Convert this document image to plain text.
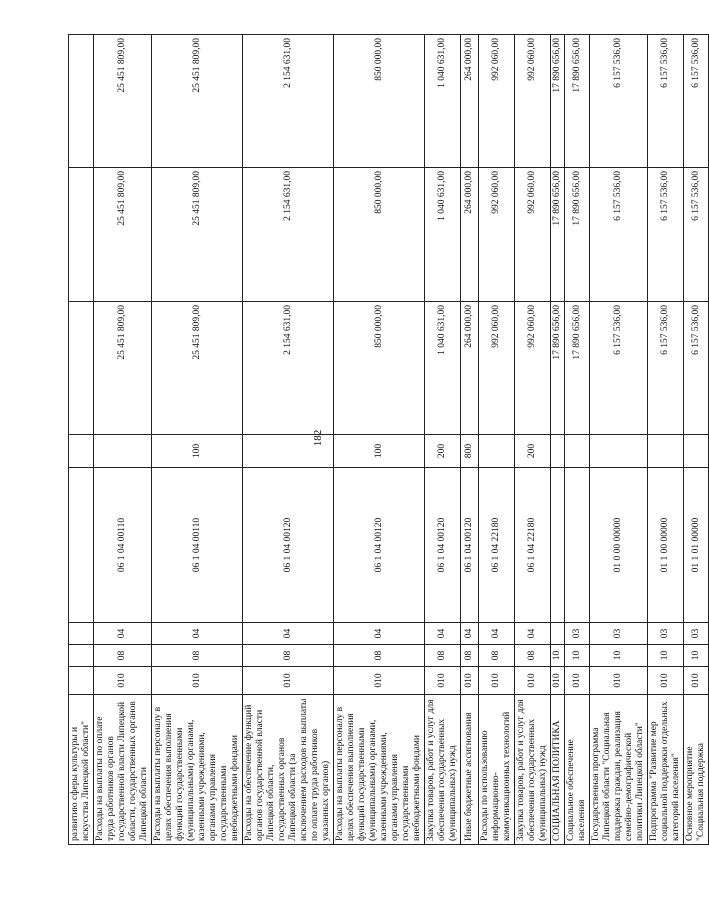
182
развитию сферы культуры и искусства Липецкой области"								
Расходы на выплаты по оплате труда работников органов государственной власти Липецкой области, государственных органов Липецкой области	010	08	04	06 1 04 00110		25 451 809,00	25 451 809,00	25 451 809,00
Расходы на выплаты персоналу в целях обеспечения выполнения функций государственными (муниципальными) органами, казенными учреждениями, органами управления государственными внебюджетными фондами	010	08	04	06 1 04 00110	100	25 451 809,00	25 451 809,00	25 451 809,00
Расходы на обеспечение функций органов государственной власти Липецкой области, государственных органов Липецкой области (за исключением расходов на выплаты по оплате труда работников указанных органов)	010	08	04	06 1 04 00120		2 154 631,00	2 154 631,00	2 154 631,00
Расходы на выплаты персоналу в целях обеспечения выполнения функций государственными (муниципальными) органами, казенными учреждениями, органами управления государственными внебюджетными фондами	010	08	04	06 1 04 00120	100	850 000,00	850 000,00	850 000,00
Закупка товаров, работ и услуг для обеспечения государственных (муниципальных) нужд	010	08	04	06 1 04 00120	200	1 040 631,00	1 040 631,00	1 040 631,00
Иные бюджетные ассигнования	010	08	04	06 1 04 00120	800	264 000,00	264 000,00	264 000,00
Расходы по использованию информационно-коммуникационных технологий	010	08	04	06 1 04 22180		992 060,00	992 060,00	992 060,00
Закупка товаров, работ и услуг для обеспечения государственных (муниципальных) нужд	010	08	04	06 1 04 22180	200	992 060,00	992 060,00	992 060,00
СОЦИАЛЬНАЯ ПОЛИТИКА	010	10				17 890 656,00	17 890 656,00	17 890 656,00
Социальное обеспечение населения	010	10	03			17 890 656,00	17 890 656,00	17 890 656,00
Государственная программа Липецкой области "Социальная поддержка граждан, реализация семейно-демографической политики Липецкой области"	010	10	03	01 0 00 00000		6 157 536,00	6 157 536,00	6 157 536,00
Подпрограмма "Развитие мер социальной поддержки отдельных категорий населения"	010	10	03	01 1 00 00000		6 157 536,00	6 157 536,00	6 157 536,00
Основное мероприятие "Социальная поддержка	010	10	03	01 1 01 00000		6 157 536,00	6 157 536,00	6 157 536,00
